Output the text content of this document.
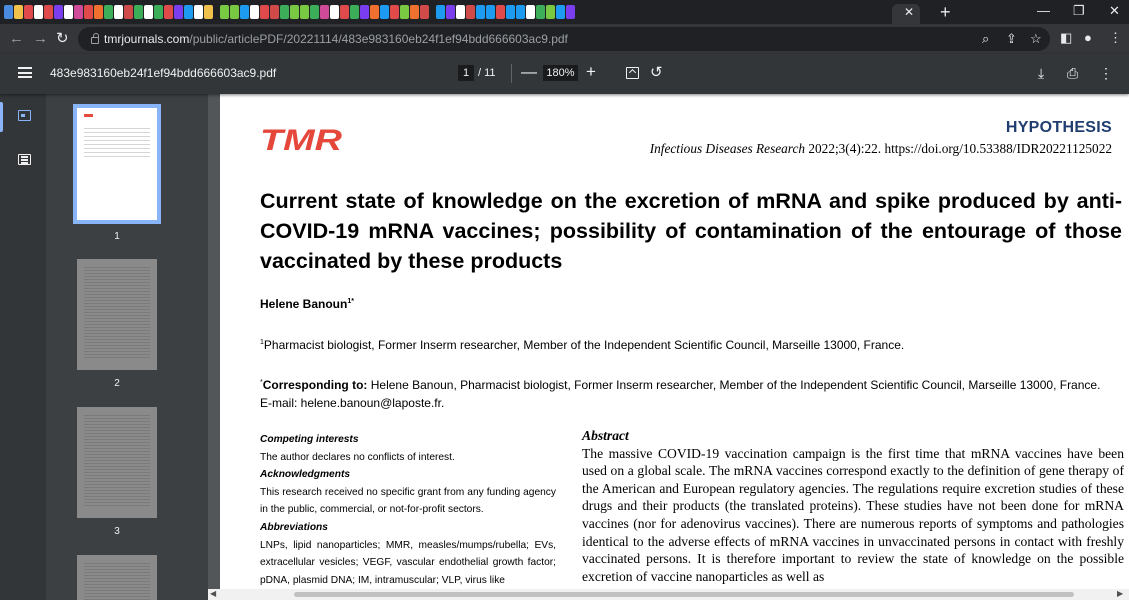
✕ +	— ❐ ✕
← → ↻	tmrjournals.com/public/articlePDF/20221114/483e983160eb24f1ef94bdd666603ac9.pdf	⌕ ⇪ ☆ ◧ ● ⋮
483e983160eb24f1ef94bdd666603ac9.pdf	1 / 11 — 180% +	↺	⤓ ⎙ ⋮
1
2
3
TMR	HYPOTHESIS
Infectious Diseases Research 2022;3(4):22. https://doi.org/10.53388/IDR20221125022
Current state of knowledge on the excretion of mRNA and spike produced by anti-COVID-19 mRNA vaccines; possibility of contamination of the entourage of those vaccinated by these products
Helene Banoun$^{1*}$
$^1$Pharmacist biologist, Former Inserm researcher, Member of the Independent Scientific Council, Marseille 13000, France.
*Corresponding to: Helene Banoun, Pharmacist biologist, Former Inserm researcher, Member of the Independent Scientific Council, Marseille 13000, France.
E-mail: helene.banoun@laposte.fr.
Competing interests
The author declares no conflicts of interest.
Acknowledgments
This research received no specific grant from any funding agency in the public, commercial, or not-for-profit sectors.
Abbreviations
LNPs, lipid nanoparticles; MMR, measles/mumps/rubella; EVs, extracellular vesicles; VEGF, vascular endothelial growth factor; pDNA, plasmid DNA; IM, intramuscular; VLP, virus like
Abstract
The massive COVID-19 vaccination campaign is the first time that mRNA vaccines have been used on a global scale. The mRNA vaccines correspond exactly to the definition of gene therapy of the American and European regulatory agencies. The regulations require excretion studies of these drugs and their products (the translated proteins). These studies have not been done for mRNA vaccines (nor for adenovirus vaccines). There are numerous reports of symptoms and pathologies identical to the adverse effects of mRNA vaccines in unvaccinated persons in contact with freshly vaccinated persons. It is therefore important to review the state of knowledge on the possible excretion of vaccine nanoparticles as well as
◀	▶
